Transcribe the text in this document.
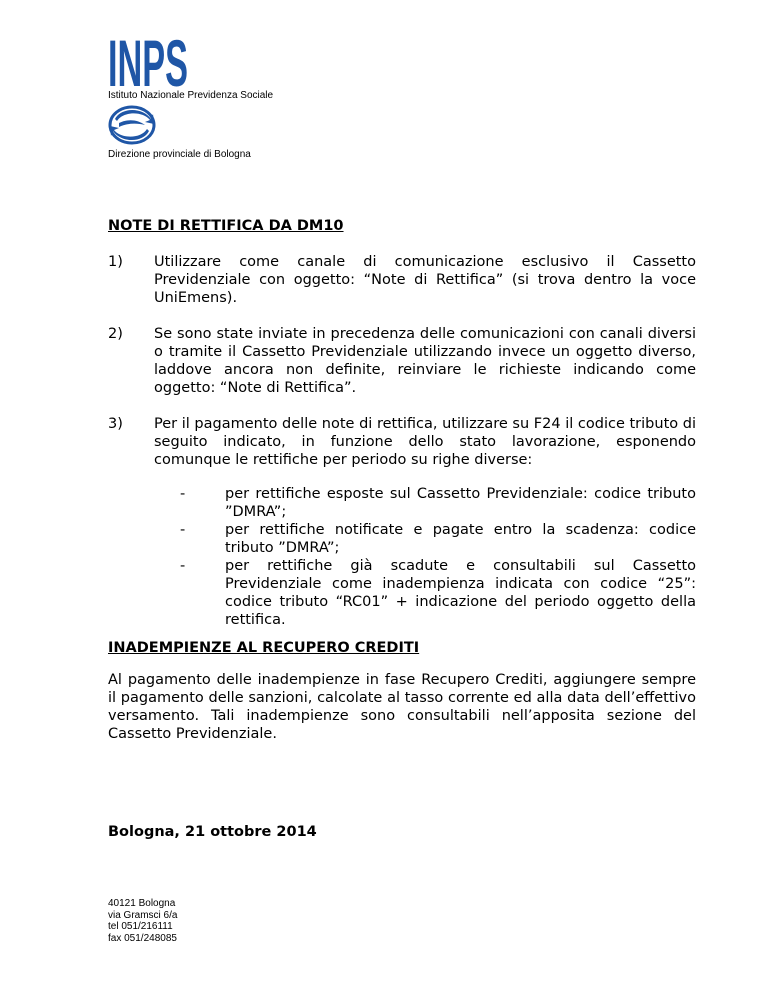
INPS
Istituto Nazionale Previdenza Sociale
Direzione provinciale di Bologna
NOTE DI RETTIFICA DA DM10
1) Utilizzare come canale di comunicazione esclusivo il Cassetto Previdenziale con oggetto: “Note di Rettifica” (si trova dentro la voce UniEmens).
2) Se sono state inviate in precedenza delle comunicazioni con canali diversi o tramite il Cassetto Previdenziale utilizzando invece un oggetto diverso, laddove ancora non definite, reinviare le richieste indicando come oggetto: “Note di Rettifica”.
3) Per il pagamento delle note di rettifica, utilizzare su F24 il codice tributo di seguito indicato, in funzione dello stato lavorazione, esponendo comunque le rettifiche per periodo su righe diverse:
-	per rettifiche esposte sul Cassetto Previdenziale: codice tributo ”DMRA”;
-	per rettifiche notificate e pagate entro la scadenza: codice tributo ”DMRA”;
-	per rettifiche già scadute e consultabili sul Cassetto Previdenziale come inadempienza indicata con codice “25”: codice tributo “RC01” + indicazione del periodo oggetto della rettifica.
INADEMPIENZE AL RECUPERO CREDITI
Al pagamento delle inadempienze in fase Recupero Crediti, aggiungere sempre il pagamento delle sanzioni, calcolate al tasso corrente ed alla data dell’effettivo versamento. Tali inadempienze sono consultabili nell’apposita sezione del Cassetto Previdenziale.
Bologna, 21 ottobre 2014
40121 Bologna
via Gramsci 6/a
tel 051/216111
fax 051/248085
